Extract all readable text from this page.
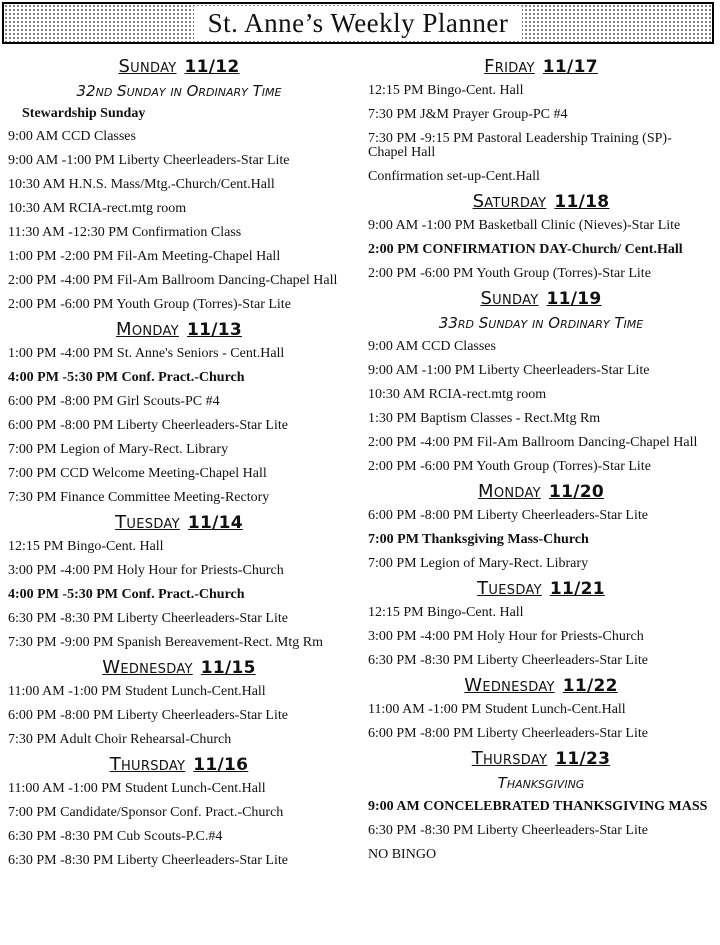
St. Anne’s Weekly Planner
Sunday 11/12
32nd Sunday in Ordinary Time
Stewardship Sunday
9:00 AM CCD Classes
9:00 AM -1:00 PM Liberty Cheerleaders-Star Lite
10:30 AM H.N.S. Mass/Mtg.-Church/Cent.Hall
10:30 AM RCIA-rect.mtg room
11:30 AM -12:30 PM Confirmation Class
1:00 PM -2:00 PM Fil-Am Meeting-Chapel Hall
2:00 PM -4:00 PM Fil-Am Ballroom Dancing-Chapel Hall
2:00 PM -6:00 PM Youth Group (Torres)-Star Lite
Monday 11/13
1:00 PM -4:00 PM St. Anne's Seniors - Cent.Hall
4:00 PM -5:30 PM Conf. Pract.-Church
6:00 PM -8:00 PM Girl Scouts-PC #4
6:00 PM -8:00 PM Liberty Cheerleaders-Star Lite
7:00 PM Legion of Mary-Rect. Library
7:00 PM CCD Welcome Meeting-Chapel Hall
7:30 PM Finance Committee Meeting-Rectory
Tuesday 11/14
12:15 PM Bingo-Cent. Hall
3:00 PM -4:00 PM Holy Hour for Priests-Church
4:00 PM -5:30 PM Conf. Pract.-Church
6:30 PM -8:30 PM Liberty Cheerleaders-Star Lite
7:30 PM -9:00 PM Spanish Bereavement-Rect. Mtg Rm
Wednesday 11/15
11:00 AM -1:00 PM Student Lunch-Cent.Hall
6:00 PM -8:00 PM Liberty Cheerleaders-Star Lite
7:30 PM Adult Choir Rehearsal-Church
Thursday 11/16
11:00 AM -1:00 PM Student Lunch-Cent.Hall
7:00 PM Candidate/Sponsor Conf. Pract.-Church
6:30 PM -8:30 PM Cub Scouts-P.C.#4
6:30 PM -8:30 PM Liberty Cheerleaders-Star Lite
Friday 11/17
12:15 PM Bingo-Cent. Hall
7:30 PM J&M Prayer Group-PC #4
7:30 PM -9:15 PM Pastoral Leadership Training (SP)- Chapel Hall
Confirmation set-up-Cent.Hall
Saturday 11/18
9:00 AM -1:00 PM Basketball Clinic (Nieves)-Star Lite
2:00 PM CONFIRMATION DAY-Church/ Cent.Hall
2:00 PM -6:00 PM Youth Group (Torres)-Star Lite
Sunday 11/19
33rd Sunday in Ordinary Time
9:00 AM CCD Classes
9:00 AM -1:00 PM Liberty Cheerleaders-Star Lite
10:30 AM RCIA-rect.mtg room
1:30 PM Baptism Classes - Rect.Mtg Rm
2:00 PM -4:00 PM Fil-Am Ballroom Dancing-Chapel Hall
2:00 PM -6:00 PM Youth Group (Torres)-Star Lite
Monday 11/20
6:00 PM -8:00 PM Liberty Cheerleaders-Star Lite
7:00 PM Thanksgiving Mass-Church
7:00 PM Legion of Mary-Rect. Library
Tuesday 11/21
12:15 PM Bingo-Cent. Hall
3:00 PM -4:00 PM Holy Hour for Priests-Church
6:30 PM -8:30 PM Liberty Cheerleaders-Star Lite
Wednesday 11/22
11:00 AM -1:00 PM Student Lunch-Cent.Hall
6:00 PM -8:00 PM Liberty Cheerleaders-Star Lite
Thursday 11/23
Thanksgiving
9:00 AM CONCELEBRATED THANKSGIVING MASS
6:30 PM -8:30 PM Liberty Cheerleaders-Star Lite
NO BINGO
